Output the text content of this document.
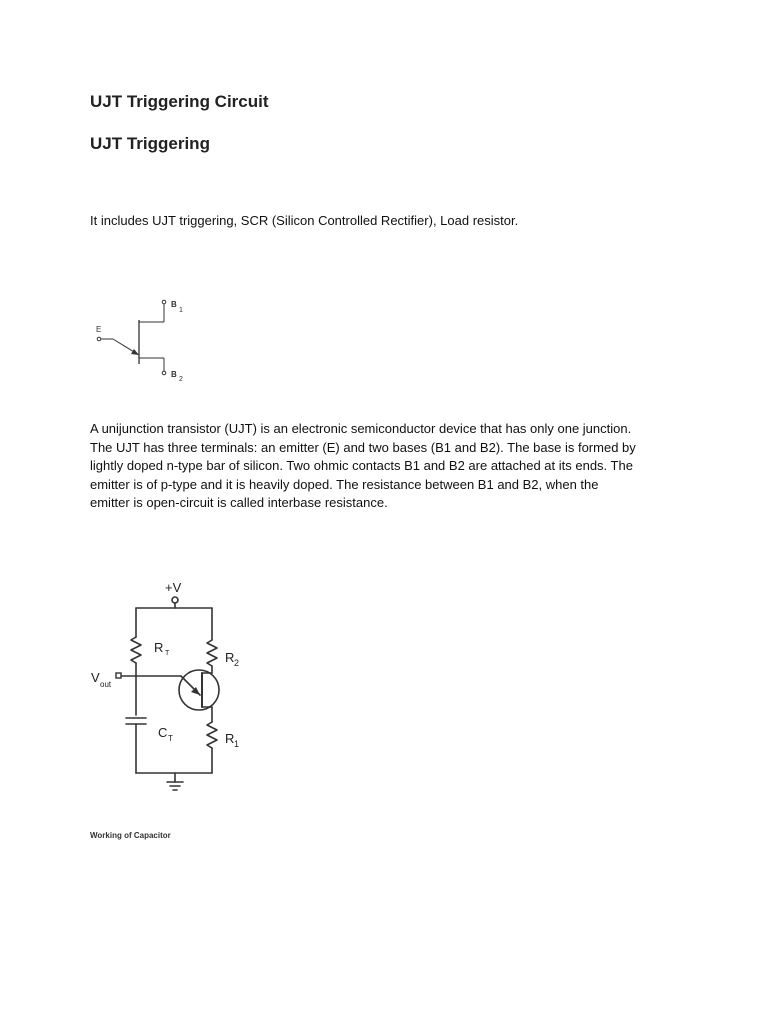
UJT Triggering Circuit
UJT Triggering

It includes UJT triggering, SCR (Silicon Controlled Rectifier), Load resistor.

E
B
1
B
2
A unijunction transistor (UJT) is an electronic semiconductor device that has only one junction.
The UJT has three terminals: an emitter (E) and two bases (B1 and B2). The base is formed by
lightly doped n-type bar of silicon. Two ohmic contacts B1 and B2 are attached at its ends. The
emitter is of p-type and it is heavily doped. The resistance between B1 and B2, when the
emitter is open-circuit is called interbase resistance.
+V
R T	R 2
V out
C T	R 1

Working of Capacitor
